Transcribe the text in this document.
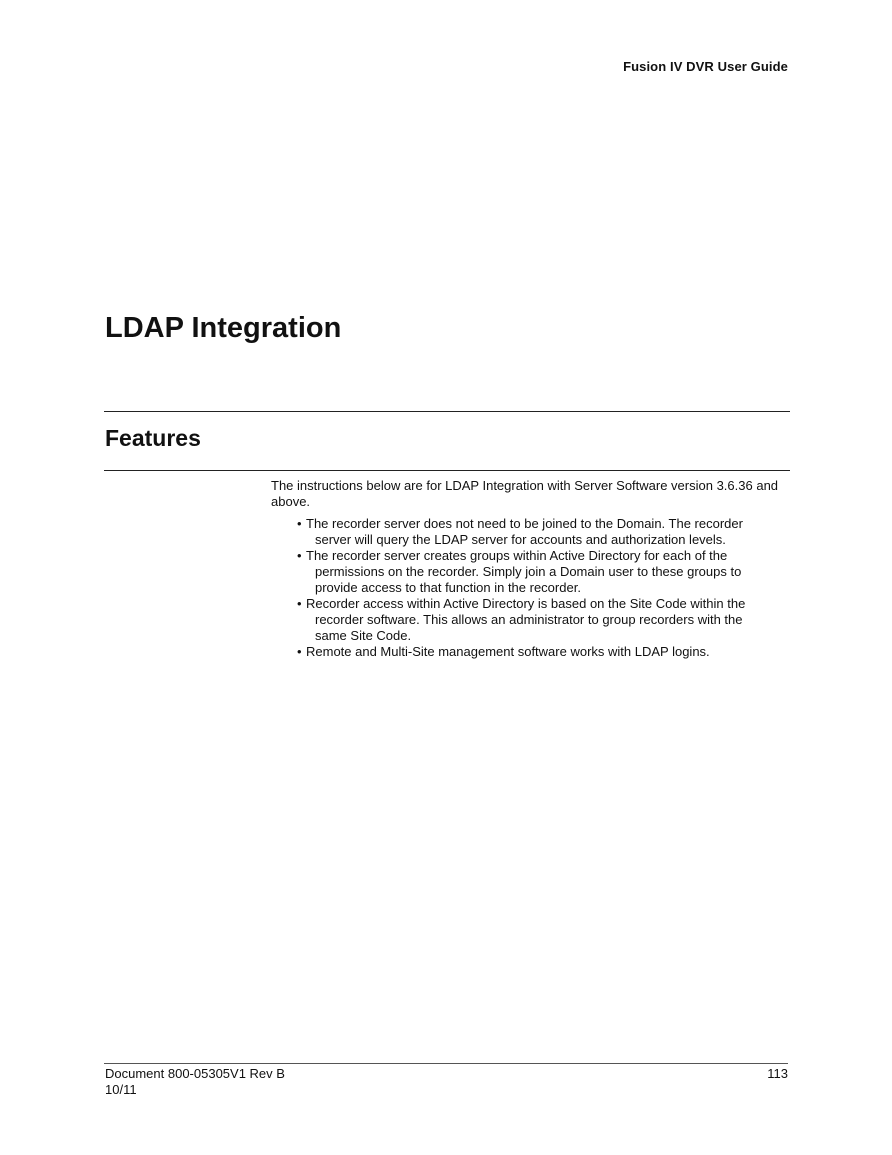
Fusion IV DVR User Guide
LDAP Integration
Features

The instructions below are for LDAP Integration with Server Software version 3.6.36 and above.

• The recorder server does not need to be joined to the Domain. The recorder server will query the LDAP server for accounts and authorization levels.
• The recorder server creates groups within Active Directory for each of the permissions on the recorder. Simply join a Domain user to these groups to provide access to that function in the recorder.
• Recorder access within Active Directory is based on the Site Code within the recorder software. This allows an administrator to group recorders with the same Site Code.
• Remote and Multi-Site management software works with LDAP logins.
Document 800-05305V1 Rev B
10/11
113
